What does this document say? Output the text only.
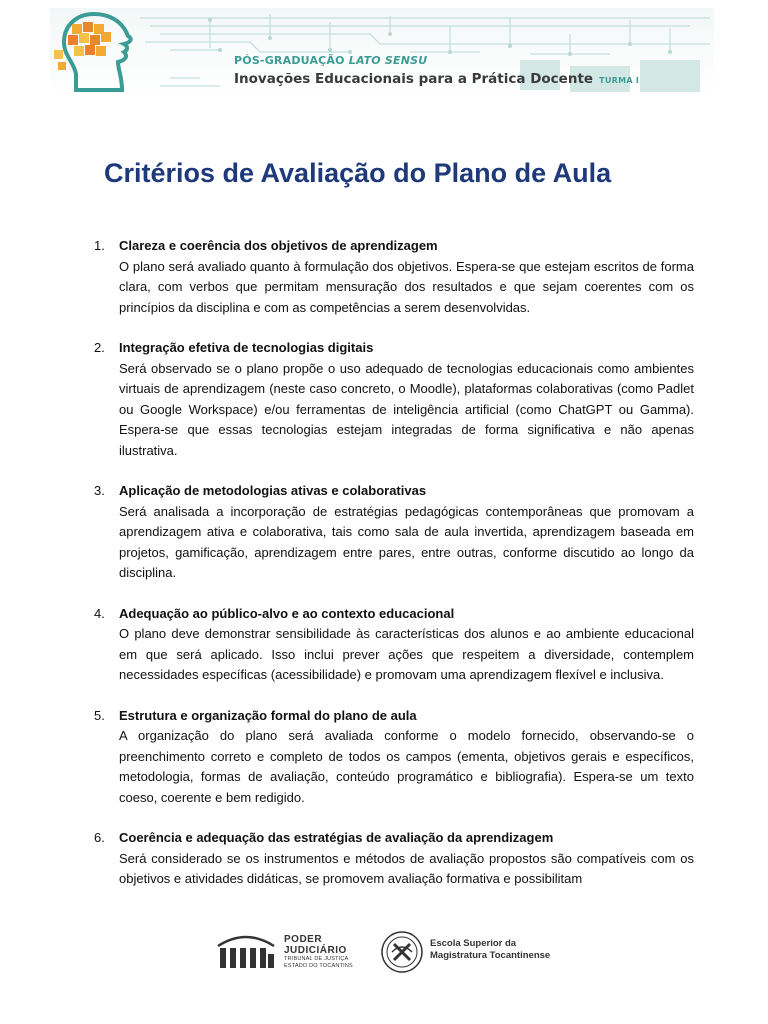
PÓS-GRADUAÇÃO LATO SENSU
Inovações Educacionais para a Prática Docente TURMA I
Critérios de Avaliação do Plano de Aula
1. Clareza e coerência dos objetivos de aprendizagem

O plano será avaliado quanto à formulação dos objetivos. Espera-se que estejam escritos de forma clara, com verbos que permitam mensuração dos resultados e que sejam coerentes com os princípios da disciplina e com as competências a serem desenvolvidas.

2. Integração efetiva de tecnologias digitais

Será observado se o plano propõe o uso adequado de tecnologias educacionais como ambientes virtuais de aprendizagem (neste caso concreto, o Moodle), plataformas colaborativas (como Padlet ou Google Workspace) e/ou ferramentas de inteligência artificial (como ChatGPT ou Gamma). Espera-se que essas tecnologias estejam integradas de forma significativa e não apenas ilustrativa.

3. Aplicação de metodologias ativas e colaborativas

Será analisada a incorporação de estratégias pedagógicas contemporâneas que promovam a aprendizagem ativa e colaborativa, tais como sala de aula invertida, aprendizagem baseada em projetos, gamificação, aprendizagem entre pares, entre outras, conforme discutido ao longo da disciplina.

4. Adequação ao público-alvo e ao contexto educacional

O plano deve demonstrar sensibilidade às características dos alunos e ao ambiente educacional em que será aplicado. Isso inclui prever ações que respeitem a diversidade, contemplem necessidades específicas (acessibilidade) e promovam uma aprendizagem flexível e inclusiva.

5. Estrutura e organização formal do plano de aula

A organização do plano será avaliada conforme o modelo fornecido, observando-se o preenchimento correto e completo de todos os campos (ementa, objetivos gerais e específicos, metodologia, formas de avaliação, conteúdo programático e bibliografia). Espera-se um texto coeso, coerente e bem redigido.

6. Coerência e adequação das estratégias de avaliação da aprendizagem

Será considerado se os instrumentos e métodos de avaliação propostos são compatíveis com os objetivos e atividades didáticas, se promovem avaliação formativa e possibilitam

PODER
JUDICIÁRIO
TRIBUNAL DE JUSTIÇA
ESTADO DO TOCANTINS
Escola Superior da
Magistratura Tocantinense
